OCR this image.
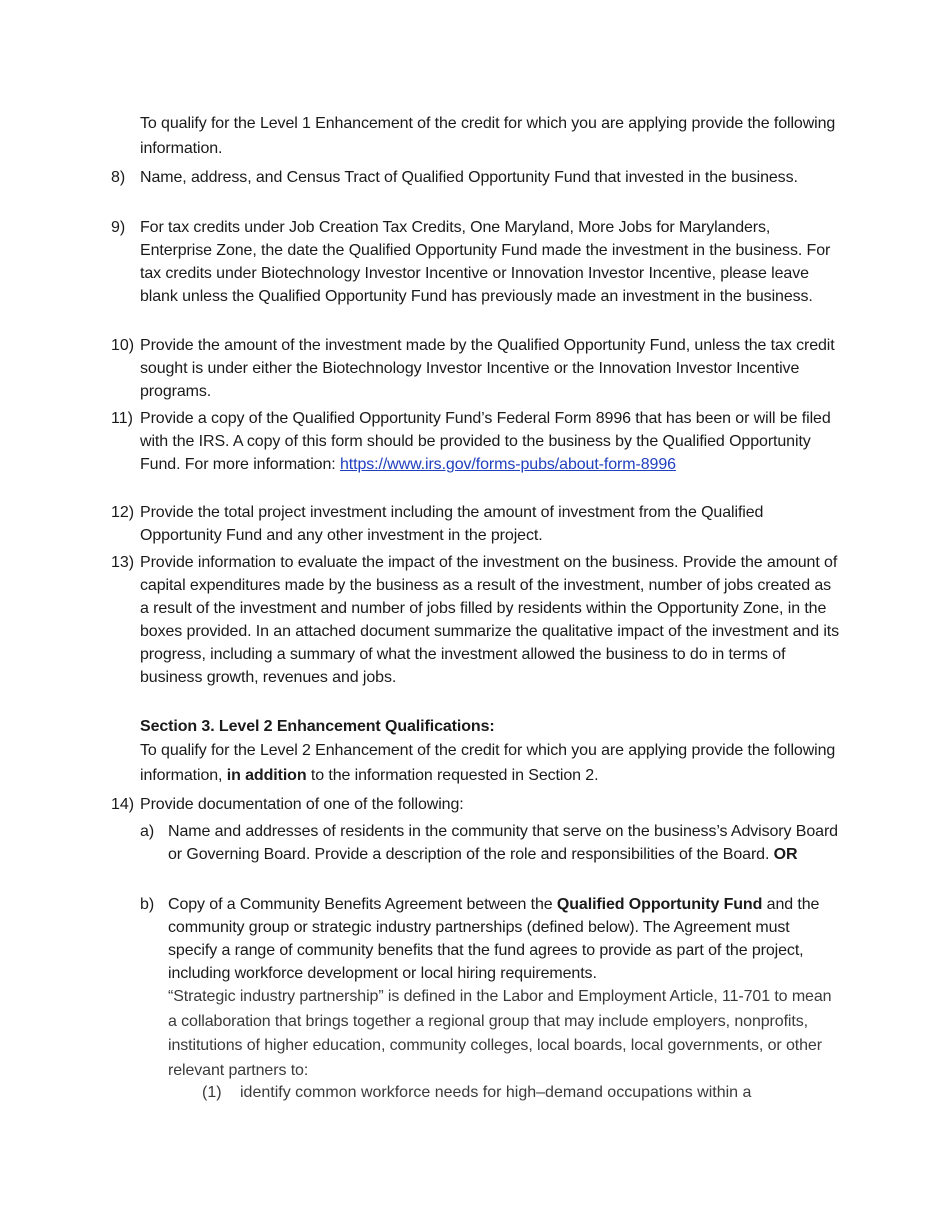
To qualify for the Level 1 Enhancement of the credit for which you are applying provide the following information.
8) Name, address, and Census Tract of Qualified Opportunity Fund that invested in the business.
9) For tax credits under Job Creation Tax Credits, One Maryland, More Jobs for Marylanders, Enterprise Zone, the date the Qualified Opportunity Fund made the investment in the business. For tax credits under Biotechnology Investor Incentive or Innovation Investor Incentive, please leave blank unless the Qualified Opportunity Fund has previously made an investment in the business.
10) Provide the amount of the investment made by the Qualified Opportunity Fund, unless the tax credit sought is under either the Biotechnology Investor Incentive or the Innovation Investor Incentive programs.
11) Provide a copy of the Qualified Opportunity Fund’s Federal Form 8996 that has been or will be filed with the IRS. A copy of this form should be provided to the business by the Qualified Opportunity Fund. For more information: https://www.irs.gov/forms-pubs/about-form-8996
12) Provide the total project investment including the amount of investment from the Qualified Opportunity Fund and any other investment in the project.
13) Provide information to evaluate the impact of the investment on the business. Provide the amount of capital expenditures made by the business as a result of the investment, number of jobs created as a result of the investment and number of jobs filled by residents within the Opportunity Zone, in the boxes provided. In an attached document summarize the qualitative impact of the investment and its progress, including a summary of what the investment allowed the business to do in terms of business growth, revenues and jobs.
Section 3. Level 2 Enhancement Qualifications:
To qualify for the Level 2 Enhancement of the credit for which you are applying provide the following information, in addition to the information requested in Section 2.
14) Provide documentation of one of the following:
a) Name and addresses of residents in the community that serve on the business’s Advisory Board or Governing Board. Provide a description of the role and responsibilities of the Board. OR
b) Copy of a Community Benefits Agreement between the Qualified Opportunity Fund and the community group or strategic industry partnerships (defined below). The Agreement must specify a range of community benefits that the fund agrees to provide as part of the project, including workforce development or local hiring requirements.
“Strategic industry partnership” is defined in the Labor and Employment Article, 11-701 to mean a collaboration that brings together a regional group that may include employers, nonprofits, institutions of higher education, community colleges, local boards, local governments, or other relevant partners to:
(1) identify common workforce needs for high–demand occupations within a
